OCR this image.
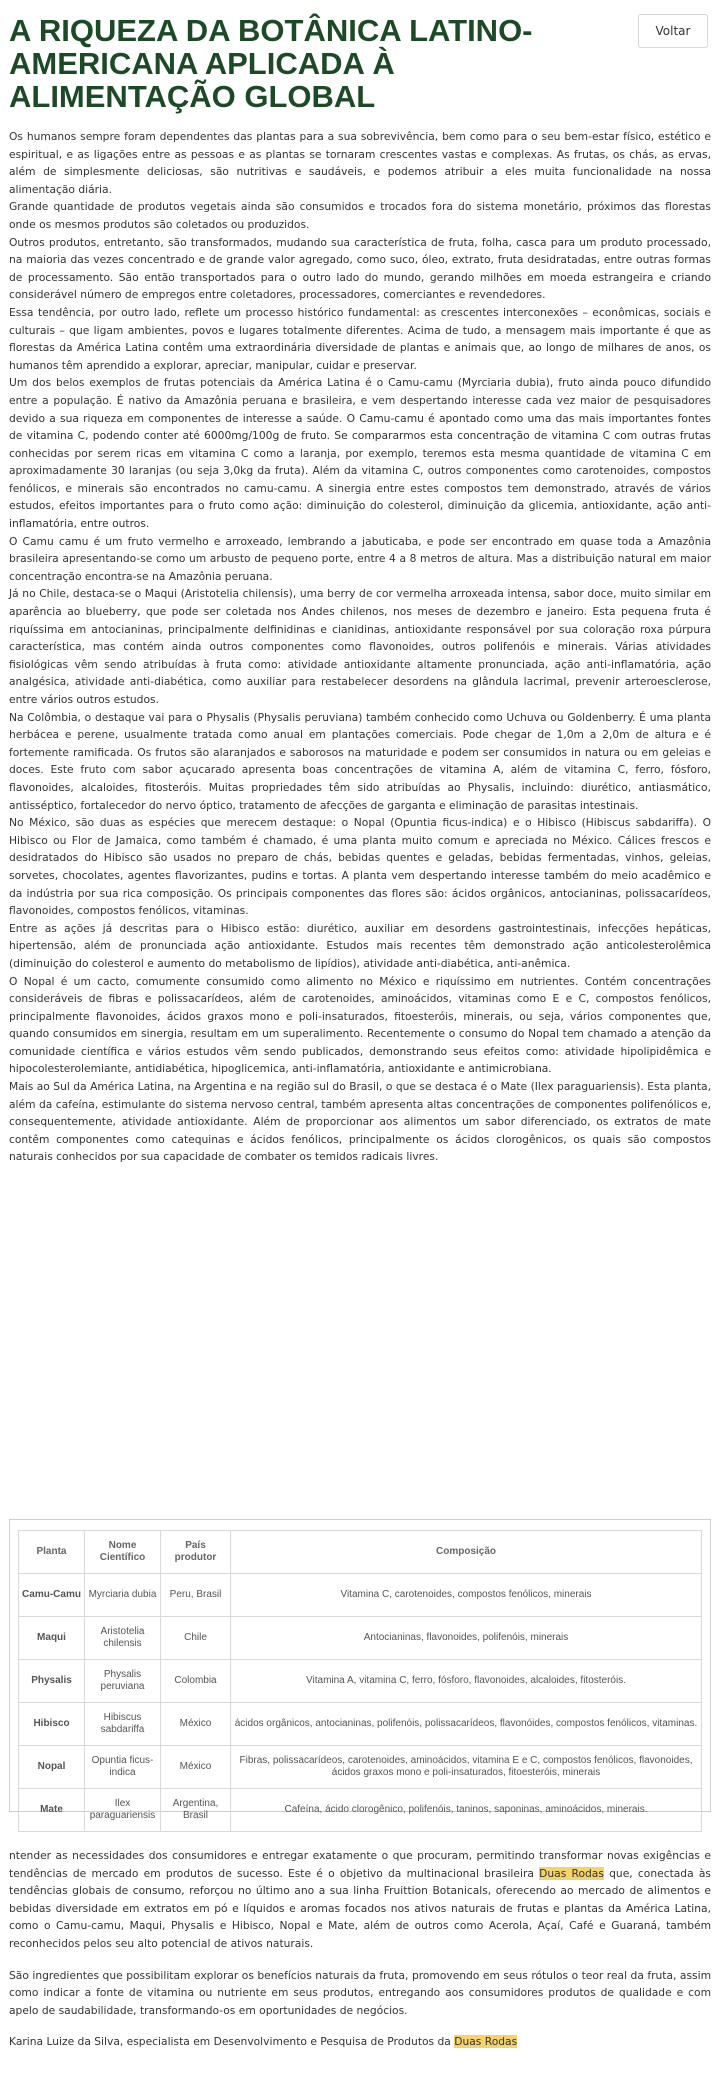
A RIQUEZA DA BOTÂNICA LATINO-AMERICANA APLICADA À ALIMENTAÇÃO GLOBAL
Voltar

Os humanos sempre foram dependentes das plantas para a sua sobrevivência, bem como para o seu bem-estar físico, estético e espiritual, e as ligações entre as pessoas e as plantas se tornaram crescentes vastas e complexas. As frutas, os chás, as ervas, além de simplesmente deliciosas, são nutritivas e saudáveis, e podemos atribuir a eles muita funcionalidade na nossa alimentação diária.

Grande quantidade de produtos vegetais ainda são consumidos e trocados fora do sistema monetário, próximos das florestas onde os mesmos produtos são coletados ou produzidos.

Outros produtos, entretanto, são transformados, mudando sua característica de fruta, folha, casca para um produto processado, na maioria das vezes concentrado e de grande valor agregado, como suco, óleo, extrato, fruta desidratadas, entre outras formas de processamento. São então transportados para o outro lado do mundo, gerando milhões em moeda estrangeira e criando considerável número de empregos entre coletadores, processadores, comerciantes e revendedores.

Essa tendência, por outro lado, reflete um processo histórico fundamental: as crescentes interconexões – econômicas, sociais e culturais – que ligam ambientes, povos e lugares totalmente diferentes. Acima de tudo, a mensagem mais importante é que as florestas da América Latina contêm uma extraordinária diversidade de plantas e animais que, ao longo de milhares de anos, os humanos têm aprendido a explorar, apreciar, manipular, cuidar e preservar.

Um dos belos exemplos de frutas potenciais da América Latina é o Camu-camu (Myrciaria dubia), fruto ainda pouco difundido entre a população. É nativo da Amazônia peruana e brasileira, e vem despertando interesse cada vez maior de pesquisadores devido a sua riqueza em componentes de interesse a saúde. O Camu-camu é apontado como uma das mais importantes fontes de vitamina C, podendo conter até 6000mg/100g de fruto. Se compararmos esta concentração de vitamina C com outras frutas conhecidas por serem ricas em vitamina C como a laranja, por exemplo, teremos esta mesma quantidade de vitamina C em aproximadamente 30 laranjas (ou seja 3,0kg da fruta). Além da vitamina C, outros componentes como carotenoides, compostos fenólicos, e minerais são encontrados no camu-camu. A sinergia entre estes compostos tem demonstrado, através de vários estudos, efeitos importantes para o fruto como ação: diminuição do colesterol, diminuição da glicemia, antioxidante, ação anti-inflamatória, entre outros.

O Camu camu é um fruto vermelho e arroxeado, lembrando a jabuticaba, e pode ser encontrado em quase toda a Amazônia brasileira apresentando-se como um arbusto de pequeno porte, entre 4 a 8 metros de altura. Mas a distribuição natural em maior concentração encontra-se na Amazônia peruana.

Já no Chile, destaca-se o Maqui (Aristotelia chilensis), uma berry de cor vermelha arroxeada intensa, sabor doce, muito similar em aparência ao blueberry, que pode ser coletada nos Andes chilenos, nos meses de dezembro e janeiro. Esta pequena fruta é riquíssima em antocianinas, principalmente delfinidinas e cianidinas, antioxidante responsável por sua coloração roxa púrpura característica, mas contém ainda outros componentes como flavonoides, outros polifenóis e minerais. Várias atividades fisiológicas vêm sendo atribuídas à fruta como: atividade antioxidante altamente pronunciada, ação anti-inflamatória, ação analgésica, atividade anti-diabética, como auxiliar para restabelecer desordens na glândula lacrimal, prevenir arteroesclerose, entre vários outros estudos.

Na Colômbia, o destaque vai para o Physalis (Physalis peruviana) também conhecido como Uchuva ou Goldenberry. É uma planta herbácea e perene, usualmente tratada como anual em plantações comerciais. Pode chegar de 1,0m a 2,0m de altura e é fortemente ramificada. Os frutos são alaranjados e saborosos na maturidade e podem ser consumidos in natura ou em geleias e doces. Este fruto com sabor açucarado apresenta boas concentrações de vitamina A, além de vitamina C, ferro, fósforo, flavonoides, alcaloides, fitosteróis. Muitas propriedades têm sido atribuídas ao Physalis, incluindo: diurético, antiasmático, antisséptico, fortalecedor do nervo óptico, tratamento de afecções de garganta e eliminação de parasitas intestinais.

No México, são duas as espécies que merecem destaque: o Nopal (Opuntia ficus-indica) e o Hibisco (Hibiscus sabdariffa). O Hibisco ou Flor de Jamaica, como também é chamado, é uma planta muito comum e apreciada no México. Cálices frescos e desidratados do Hibisco são usados no preparo de chás, bebidas quentes e geladas, bebidas fermentadas, vinhos, geleias, sorvetes, chocolates, agentes flavorizantes, pudins e tortas. A planta vem despertando interesse também do meio acadêmico e da indústria por sua rica composição. Os principais componentes das flores são: ácidos orgânicos, antocianinas, polissacarídeos, flavonoides, compostos fenólicos, vitaminas.

Entre as ações já descritas para o Hibisco estão: diurético, auxiliar em desordens gastrointestinais, infecções hepáticas, hipertensão, além de pronunciada ação antioxidante. Estudos mais recentes têm demonstrado ação anticolesterolêmica (diminuição do colesterol e aumento do metabolismo de lipídios), atividade anti-diabética, anti-anêmica.

O Nopal é um cacto, comumente consumido como alimento no México e riquíssimo em nutrientes. Contém concentrações consideráveis de fibras e polissacarídeos, além de carotenoides, aminoácidos, vitaminas como E e C, compostos fenólicos, principalmente flavonoides, ácidos graxos mono e poli-insaturados, fitoesteróis, minerais, ou seja, vários componentes que, quando consumidos em sinergia, resultam em um superalimento. Recentemente o consumo do Nopal tem chamado a atenção da comunidade científica e vários estudos vêm sendo publicados, demonstrando seus efeitos como: atividade hipolipidêmica e hipocolesterolemiante, antidiabética, hipoglicemica, anti-inflamatória, antioxidante e antimicrobiana.

Mais ao Sul da América Latina, na Argentina e na região sul do Brasil, o que se destaca é o Mate (Ilex paraguariensis). Esta planta, além da cafeína, estimulante do sistema nervoso central, também apresenta altas concentrações de componentes polifenólicos e, consequentemente, atividade antioxidante. Além de proporcionar aos alimentos um sabor diferenciado, os extratos de mate contêm componentes como catequinas e ácidos fenólicos, principalmente os ácidos clorogênicos, os quais são compostos naturais conhecidos por sua capacidade de combater os temidos radicais livres.

Planta	Nome Científico	País produtor	Composição
Camu-Camu	Myrciaria dubia	Peru, Brasil	Vitamina C, carotenoides, compostos fenólicos, minerais
Maqui	Aristotelia chilensis	Chile	Antocianinas, flavonoides, polifenóis, minerais
Physalis	Physalis peruviana	Colombia	Vitamina A, vitamina C, ferro, fósforo, flavonoides, alcaloides, fitosteróis.
Hibisco	Hibiscus sabdariffa	México	ácidos orgânicos, antocianinas, polifenóis, polissacarídeos, flavonóides, compostos fenólicos, vitaminas.
Nopal	Opuntia ficus-indica	México	Fibras, polissacarídeos, carotenoides, aminoácidos, vitamina E e C, compostos fenólicos, flavonoides, ácidos graxos mono e poli-insaturados, fitoesteróis, minerais
Mate	Ilex paraguariensis	Argentina, Brasil	Cafeína, ácido clorogênico, polifenóis, taninos, saponinas, aminoácidos, minerais.

ntender as necessidades dos consumidores e entregar exatamente o que procuram, permitindo transformar novas exigências e tendências de mercado em produtos de sucesso. Este é o objetivo da multinacional brasileira Duas Rodas que, conectada às tendências globais de consumo, reforçou no último ano a sua linha Fruittion Botanicals, oferecendo ao mercado de alimentos e bebidas diversidade em extratos em pó e líquidos e aromas focados nos ativos naturais de frutas e plantas da América Latina, como o Camu-camu, Maqui, Physalis e Hibisco, Nopal e Mate, além de outros como Acerola, Açaí, Café e Guaraná, também reconhecidos pelos seu alto potencial de ativos naturais.

São ingredientes que possibilitam explorar os benefícios naturais da fruta, promovendo em seus rótulos o teor real da fruta, assim como indicar a fonte de vitamina ou nutriente em seus produtos, entregando aos consumidores produtos de qualidade e com apelo de saudabilidade, transformando-os em oportunidades de negócios.

Karina Luize da Silva, especialista em Desenvolvimento e Pesquisa de Produtos da Duas Rodas
